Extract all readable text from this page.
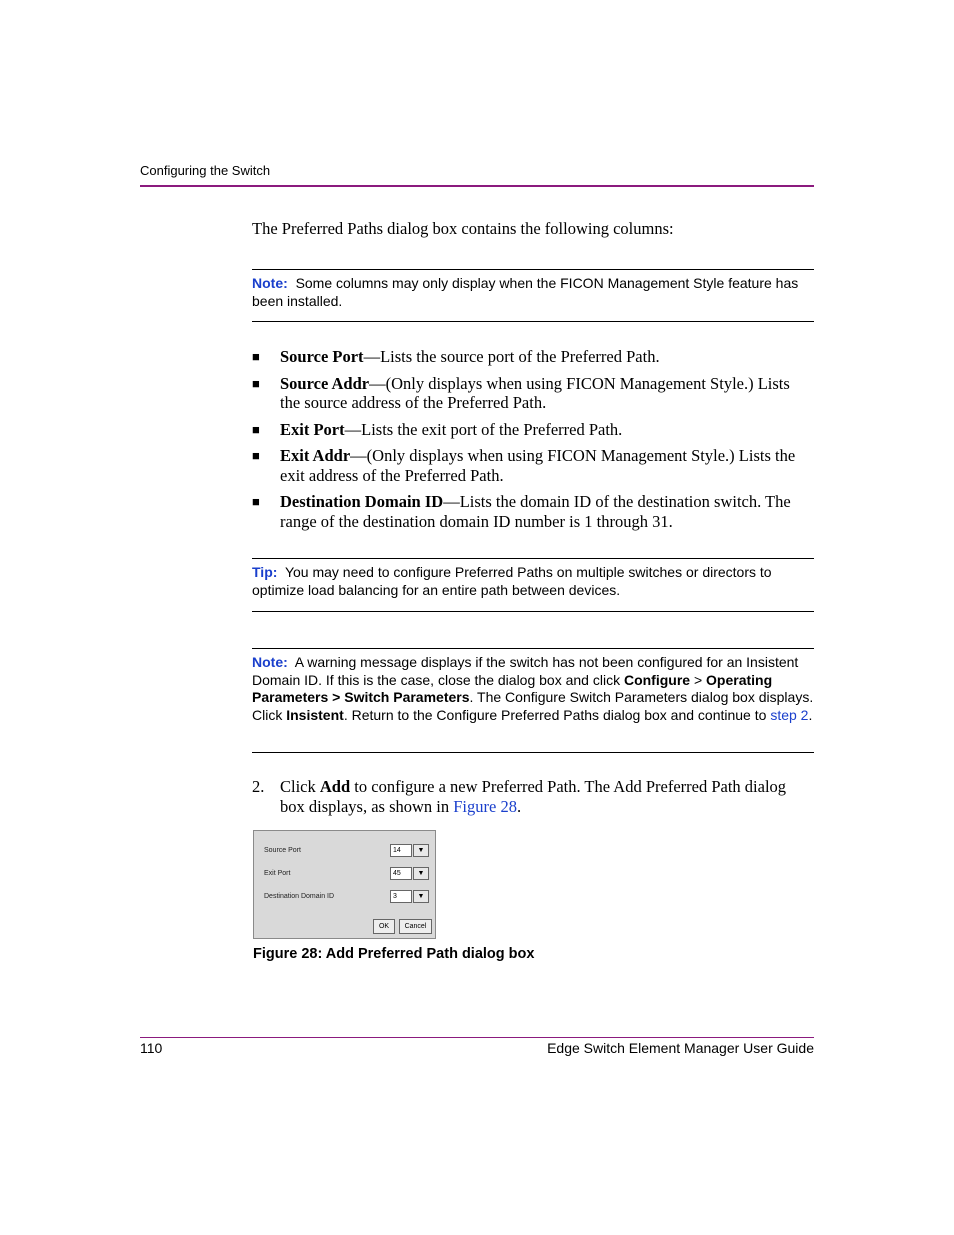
Configuring the Switch
The Preferred Paths dialog box contains the following columns:
Note: Some columns may only display when the FICON Management Style feature has been installed.
■ Source Port—Lists the source port of the Preferred Path.
■ Source Addr—(Only displays when using FICON Management Style.) Lists the source address of the Preferred Path.
■ Exit Port—Lists the exit port of the Preferred Path.
■ Exit Addr—(Only displays when using FICON Management Style.) Lists the exit address of the Preferred Path.
■ Destination Domain ID—Lists the domain ID of the destination switch. The range of the destination domain ID number is 1 through 31.
Tip: You may need to configure Preferred Paths on multiple switches or directors to optimize load balancing for an entire path between devices.
Note: A warning message displays if the switch has not been configured for an Insistent Domain ID. If this is the case, close the dialog box and click Configure > Operating Parameters > Switch Parameters. The Configure Switch Parameters dialog box displays. Click Insistent. Return to the Configure Preferred Paths dialog box and continue to step 2.
2. Click Add to configure a new Preferred Path. The Add Preferred Path dialog box displays, as shown in Figure 28.
Source Port	14	▼
Exit Port	45	▼
Destination Domain ID	3	▼
OK	Cancel
Figure 28: Add Preferred Path dialog box
110	Edge Switch Element Manager User Guide
